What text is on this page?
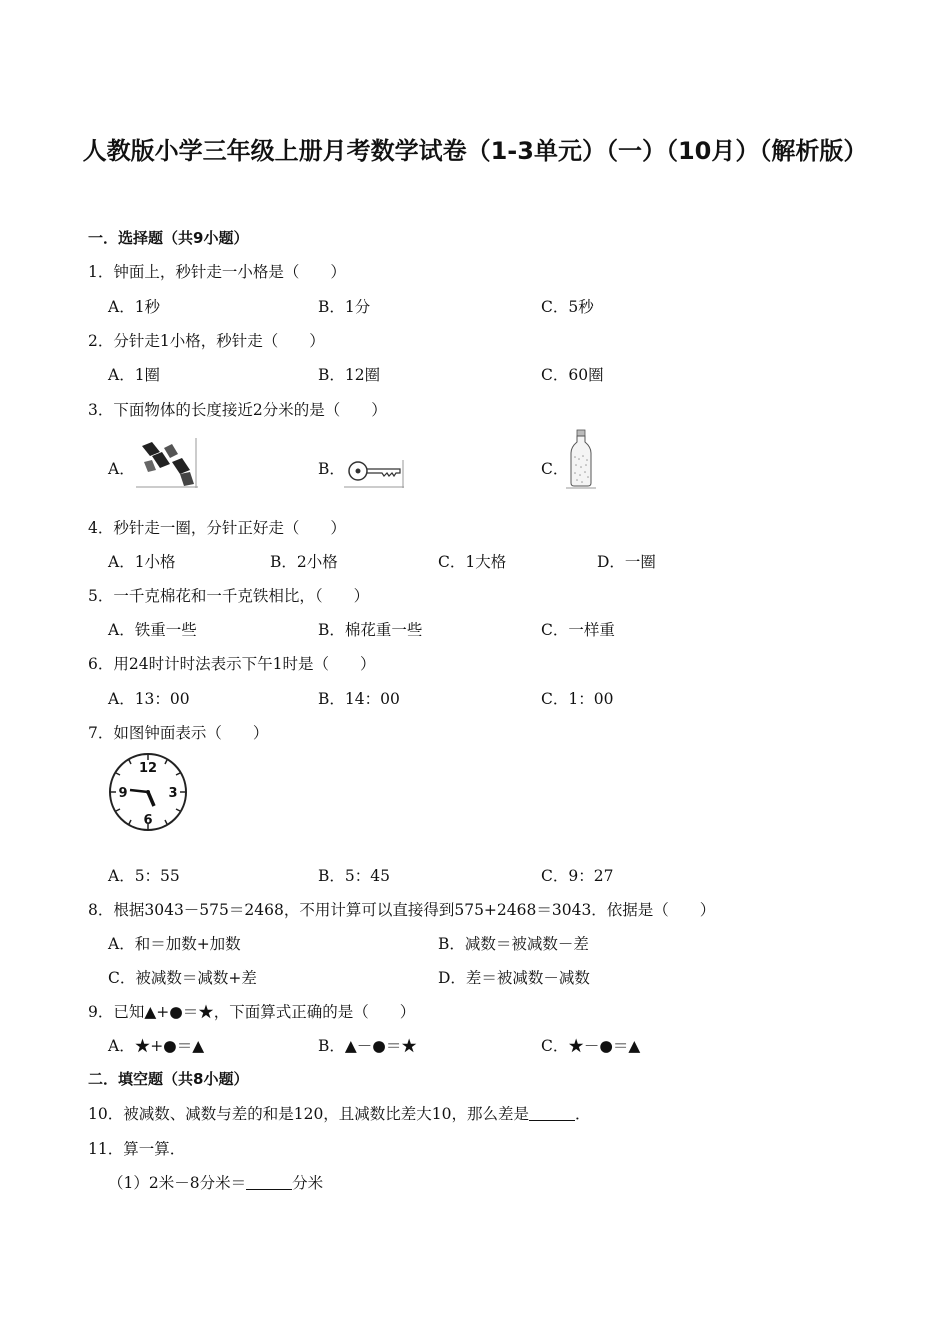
人教版小学三年级上册月考数学试卷（1-3单元）（一）（10月）（解析版）
一．选择题（共9小题）
1．钟面上，秒针走一小格是（　　）
A．1秒	B．1分	C．5秒
2．分针走1小格，秒针走（　　）
A．1圈	B．12圈	C．60圈
3．下面物体的长度接近2分米的是（　　）
A．	B．	C．
4．秒针走一圈，分针正好走（　　）
A．1小格	B．2小格	C．1大格	D．一圈
5．一千克棉花和一千克铁相比，（　　）
A．铁重一些	B．棉花重一些	C．一样重
6．用24时计时法表示下午1时是（　　）
A．13：00	B．14：00	C．1：00
7．如图钟面表示（　　）
12
3
6
9
A．5：55	B．5：45	C．9：27
8．根据3043－575＝2468，不用计算可以直接得到575+2468＝3043．依据是（　　）
A．和＝加数+加数	B．减数＝被减数－差
C．被减数＝减数+差	D．差＝被减数－减数
9．已知▲+●＝★，下面算式正确的是（　　）
A．★+●＝▲	B．▲－●＝★	C．★－●＝▲
二．填空题（共8小题）
10．被减数、减数与差的和是120，且减数比差大10，那么差是	．
11．算一算．
（1）2米－8分米＝	分米
